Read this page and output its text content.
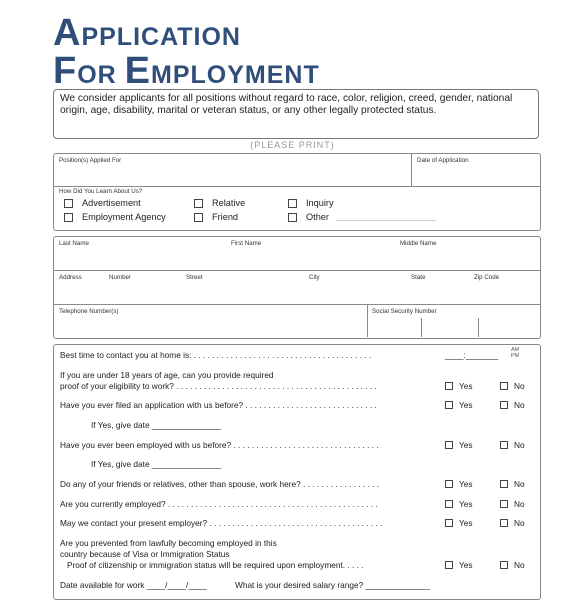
APPLICATION
FOR EMPLOYMENT
We consider applicants for all positions without regard to race, color, religion, creed, gender, national origin, age, disability, marital or veteran status, or any other legally protected status.
(PLEASE PRINT)
Position(s) Applied For	Date of Application
How Did You Learn About Us?
Advertisement
Employment Agency
Relative
Friend
Inquiry
Other _____________________________
Last Name	First Name	Middle Name
Address	Number	Street	City	State	Zip Code
Telephone Number(s)	Social Security Number
Best time to contact you at home is: . . . . . . . . . . . . . . . . . . . . . . . . . . . . . . . . . . . . . . .	____:_______ AM
PM
If you are under 18 years of age, can you provide required
proof of your eligibility to work? . . . . . . . . . . . . . . . . . . . . . . . . . . . . . . . . . . . . . . . . . . . .	Yes	No
Have you ever filed an application with us before? . . . . . . . . . . . . . . . . . . . . . . . . . . . . .	Yes	No
If Yes, give date _______________
Have you ever been employed with us before? . . . . . . . . . . . . . . . . . . . . . . . . . . . . . . . .	Yes	No
If Yes, give date _______________
Do any of your friends or relatives, other than spouse, work here? . . . . . . . . . . . . . . . . .	Yes	No
Are you currently employed? . . . . . . . . . . . . . . . . . . . . . . . . . . . . . . . . . . . . . . . . . . . . . .	Yes	No
May we contact your present employer? . . . . . . . . . . . . . . . . . . . . . . . . . . . . . . . . . . . . . .	Yes	No
Are you prevented from lawfully becoming employed in this
country because of Visa or Immigration Status
Proof of citizenship or immigration status will be required upon employment. . . . .	Yes	No
Date available for work ____/____/____	What is your desired salary range? ______________
